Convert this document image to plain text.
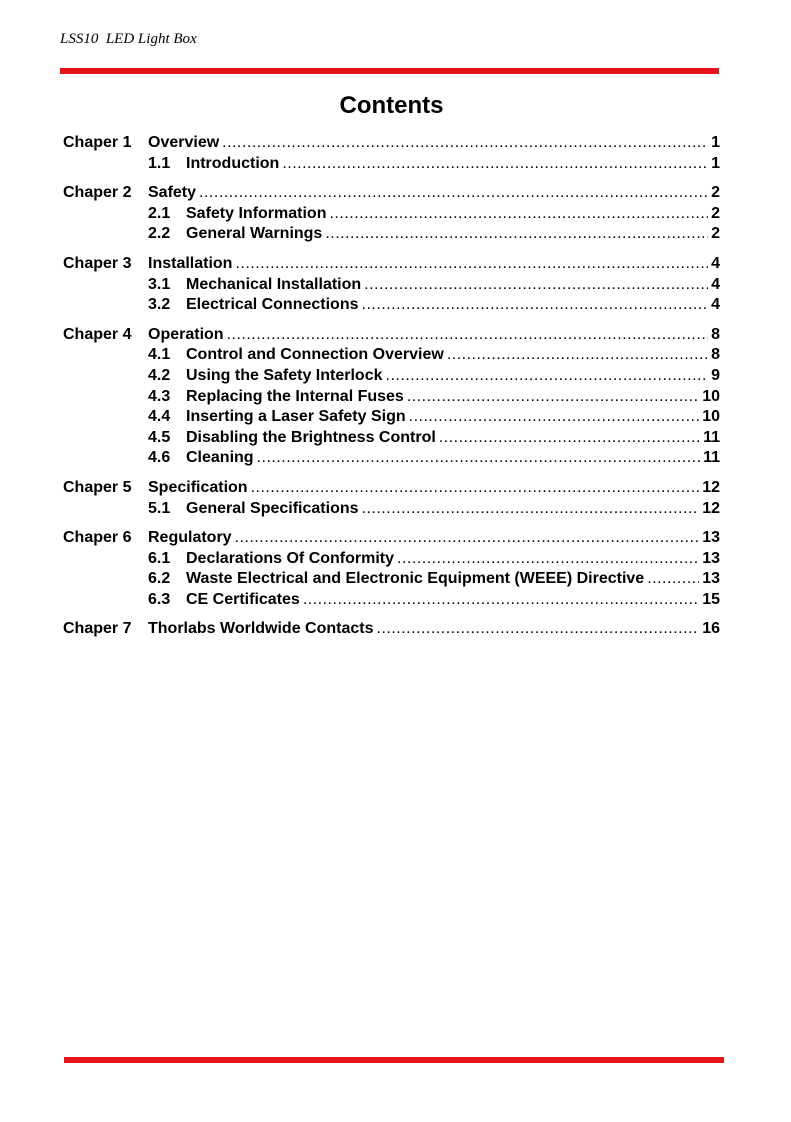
LSS10  LED Light Box
Contents
Chaper 1	Overview .....	1
1.1 Introduction .....	1
Chaper 2	Safety .....	2
2.1 Safety Information .....	2
2.2 General Warnings .....	2
Chaper 3	Installation .....	4
3.1 Mechanical Installation .....	4
3.2 Electrical Connections .....	4
Chaper 4	Operation .....	8
4.1 Control and Connection Overview .....	8
4.2 Using the Safety Interlock .....	9
4.3 Replacing the Internal Fuses .....	10
4.4 Inserting a Laser Safety Sign .....	10
4.5 Disabling the Brightness Control .....	11
4.6 Cleaning .....	11
Chaper 5	Specification .....	12
5.1 General Specifications .....	12
Chaper 6	Regulatory .....	13
6.1 Declarations Of Conformity .....	13
6.2 Waste Electrical and Electronic Equipment (WEEE) Directive .....	13
6.3 CE Certificates .....	15
Chaper 7	Thorlabs Worldwide Contacts .....	16
